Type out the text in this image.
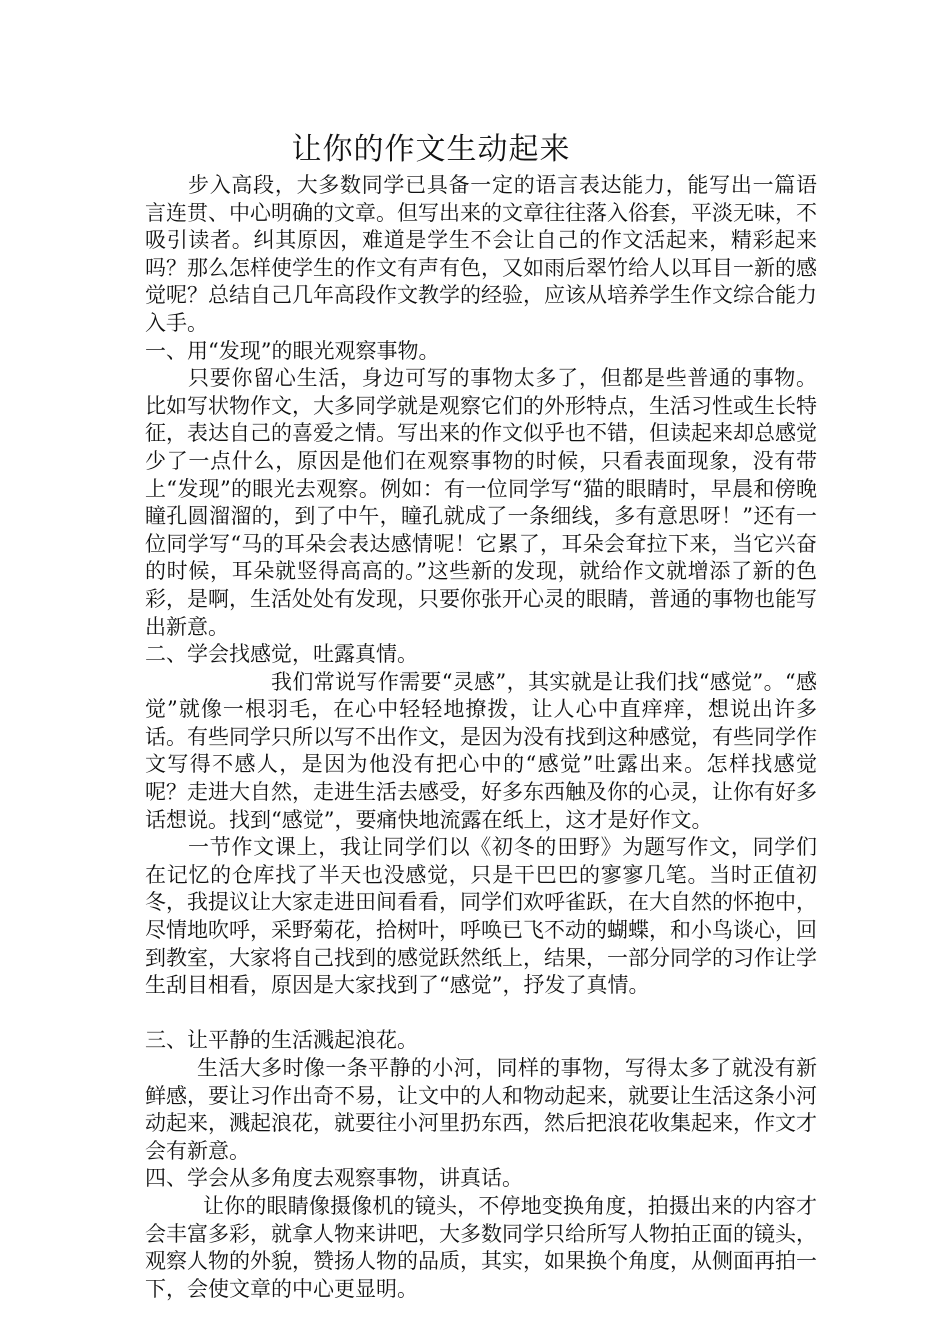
让你的作文生动起来

步入高段，大多数同学已具备一定的语言表达能力，能写出一篇语言连贯、中心明确的文章。但写出来的文章往往落入俗套，平淡无味，不吸引读者。纠其原因，难道是学生不会让自己的作文活起来，精彩起来吗？那么怎样使学生的作文有声有色，又如雨后翠竹给人以耳目一新的感觉呢？总结自己几年高段作文教学的经验，应该从培养学生作文综合能力入手。

一、用“发现”的眼光观察事物。

只要你留心生活，身边可写的事物太多了，但都是些普通的事物。比如写状物作文，大多同学就是观察它们的外形特点，生活习性或生长特征，表达自己的喜爱之情。写出来的作文似乎也不错，但读起来却总感觉少了一点什么，原因是他们在观察事物的时候，只看表面现象，没有带上“发现”的眼光去观察。例如：有一位同学写“猫的眼睛时，早晨和傍晚瞳孔圆溜溜的，到了中午，瞳孔就成了一条细线，多有意思呀！”还有一位同学写“马的耳朵会表达感情呢！它累了，耳朵会耷拉下来，当它兴奋的时候，耳朵就竖得高高的。”这些新的发现，就给作文就增添了新的色彩，是啊，生活处处有发现，只要你张开心灵的眼睛，普通的事物也能写出新意。

二、学会找感觉，吐露真情。

我们常说写作需要“灵感”，其实就是让我们找“感觉”。“感觉”就像一根羽毛，在心中轻轻地撩拨，让人心中直痒痒，想说出许多话。有些同学只所以写不出作文，是因为没有找到这种感觉，有些同学作文写得不感人，是因为他没有把心中的“感觉”吐露出来。怎样找感觉呢？走进大自然，走进生活去感受，好多东西触及你的心灵，让你有好多话想说。找到“感觉”，要痛快地流露在纸上，这才是好作文。

一节作文课上，我让同学们以《初冬的田野》为题写作文，同学们在记忆的仓库找了半天也没感觉，只是干巴巴的寥寥几笔。当时正值初冬，我提议让大家走进田间看看，同学们欢呼雀跃，在大自然的怀抱中，尽情地吹呼，采野菊花，拾树叶，呼唤已飞不动的蝴蝶，和小鸟谈心，回到教室，大家将自己找到的感觉跃然纸上，结果，一部分同学的习作让学生刮目相看，原因是大家找到了“感觉”，抒发了真情。

三、让平静的生活溅起浪花。

生活大多时像一条平静的小河，同样的事物，写得太多了就没有新鲜感，要让习作出奇不易，让文中的人和物动起来，就要让生活这条小河动起来，溅起浪花，就要往小河里扔东西，然后把浪花收集起来，作文才会有新意。

四、学会从多角度去观察事物，讲真话。

让你的眼睛像摄像机的镜头，不停地变换角度，拍摄出来的内容才会丰富多彩，就拿人物来讲吧，大多数同学只给所写人物拍正面的镜头，观察人物的外貌，赞扬人物的品质，其实，如果换个角度，从侧面再拍一下，会使文章的中心更显明。
